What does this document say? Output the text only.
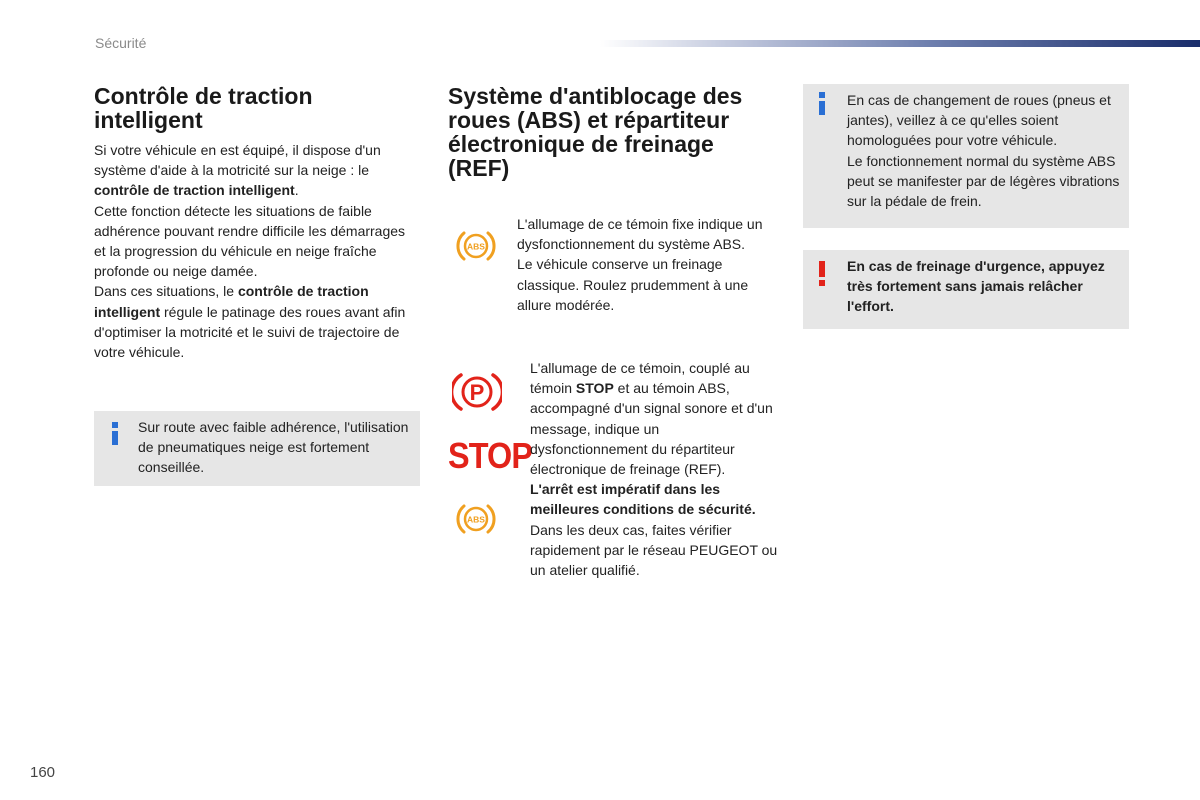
Sécurité
Contrôle de traction intelligent

Si votre véhicule en est équipé, il dispose d'un système d'aide à la motricité sur la neige : le contrôle de traction intelligent.

Cette fonction détecte les situations de faible adhérence pouvant rendre difficile les démarrages et la progression du véhicule en neige fraîche profonde ou neige damée.

Dans ces situations, le contrôle de traction intelligent régule le patinage des roues avant afin d'optimiser la motricité et le suivi de trajectoire de votre véhicule.

Sur route avec faible adhérence, l'utilisation de pneumatiques neige est fortement conseillée.

Système d'antiblocage des roues (ABS) et répartiteur électronique de freinage (REF)
ABS

L'allumage de ce témoin fixe indique un dysfonctionnement du système ABS.

Le véhicule conserve un freinage classique. Roulez prudemment à une allure modérée.

P
STOP
ABS

L'allumage de ce témoin, couplé au témoin STOP et au témoin ABS, accompagné d'un signal sonore et d'un message, indique un dysfonctionnement du répartiteur électronique de freinage (REF).

L'arrêt est impératif dans les meilleures conditions de sécurité.

Dans les deux cas, faites vérifier rapidement par le réseau PEUGEOT ou un atelier qualifié.

En cas de changement de roues (pneus et jantes), veillez à ce qu'elles soient homologuées pour votre véhicule.

Le fonctionnement normal du système ABS peut se manifester par de légères vibrations sur la pédale de frein.

En cas de freinage d'urgence, appuyez très fortement sans jamais relâcher l'effort.

160
